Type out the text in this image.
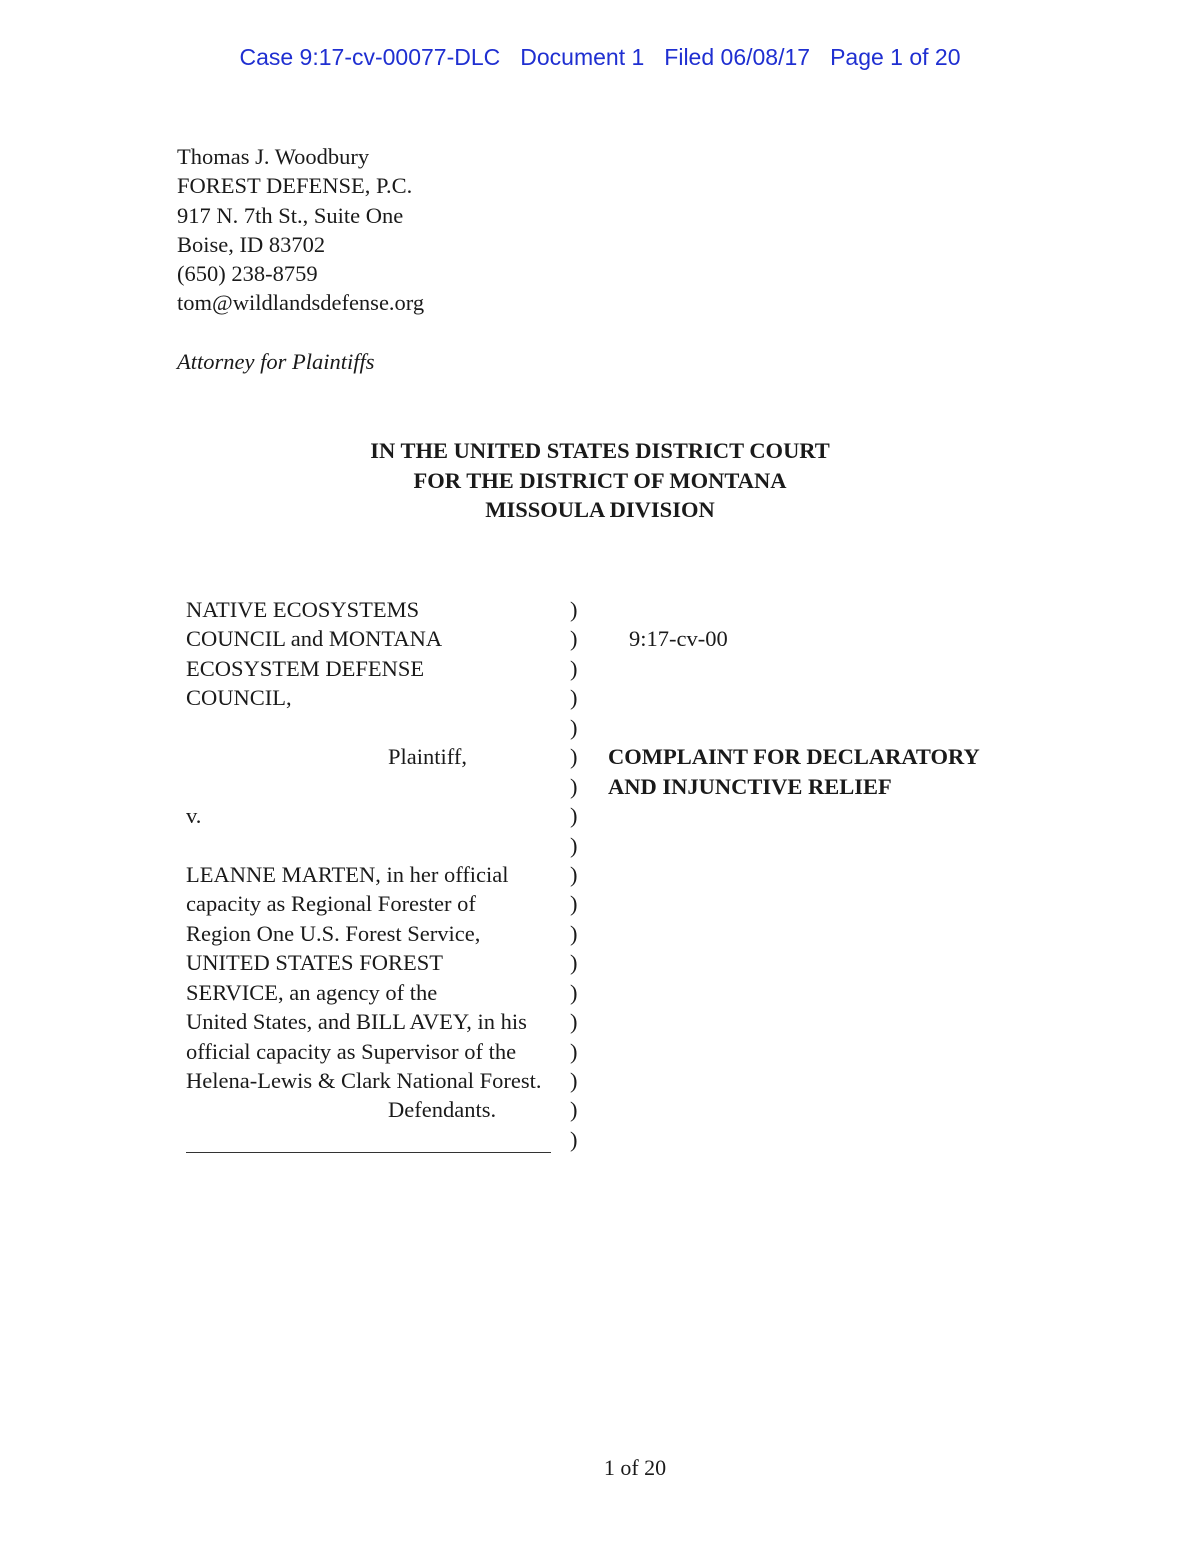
Case 9:17-cv-00077-DLC Document 1 Filed 06/08/17 Page 1 of 20
Thomas J. Woodbury
FOREST DEFENSE, P.C.
917 N. 7th St., Suite One
Boise, ID 83702
(650) 238-8759
tom@wildlandsdefense.org
Attorney for Plaintiffs
IN THE UNITED STATES DISTRICT COURT
FOR THE DISTRICT OF MONTANA
MISSOULA DIVISION
NATIVE ECOSYSTEMS
COUNCIL and MONTANA
ECOSYSTEM DEFENSE
COUNCIL,
Plaintiff,
v.
LEANNE MARTEN, in her official
capacity as Regional Forester of
Region One U.S. Forest Service,
UNITED STATES FOREST
SERVICE, an agency of the
United States, and BILL AVEY, in his
official capacity as Supervisor of the
Helena-Lewis & Clark National Forest.
Defendants.
)
)
)
)
)
)
)
)
)
)
)
)
)
)
)
)
)
)
)
9:17-cv-00
COMPLAINT FOR DECLARATORY
AND INJUNCTIVE RELIEF
1 of 20
